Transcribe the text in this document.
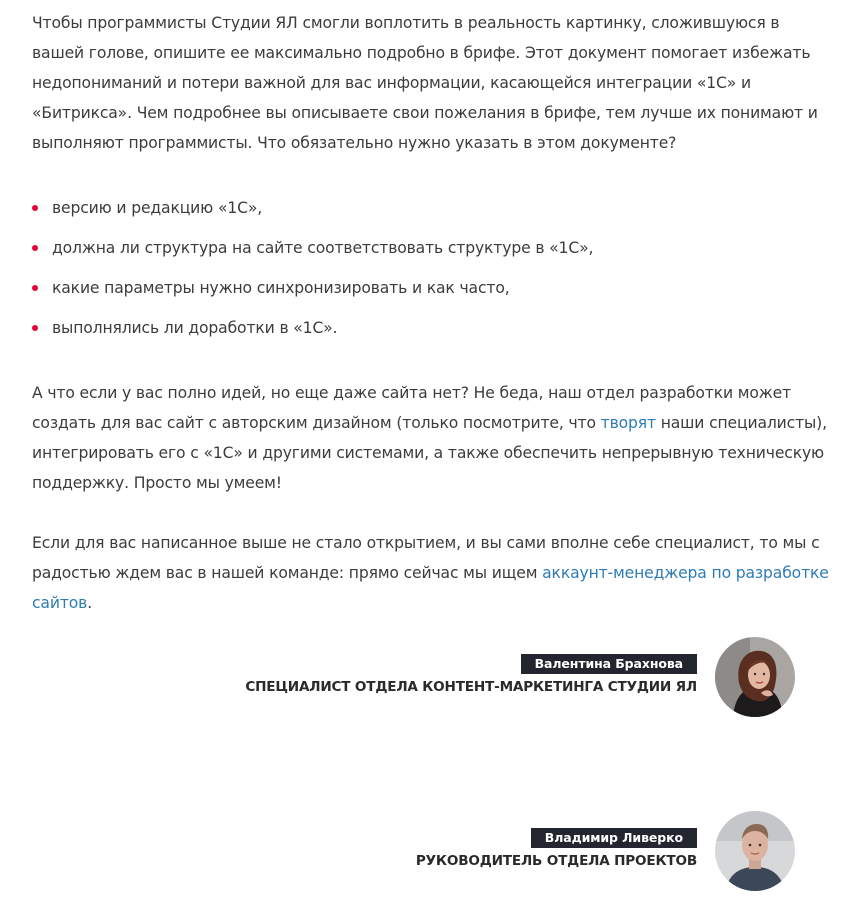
Чтобы программисты Студии ЯЛ смогли воплотить в реальность картинку, сложившуюся в вашей голове, опишите ее максимально подробно в брифе. Этот документ помогает избежать недопониманий и потери важной для вас информации, касающейся интеграции «1С» и «Битрикса». Чем подробнее вы описываете свои пожелания в брифе, тем лучше их понимают и выполняют программисты. Что обязательно нужно указать в этом документе?

версию и редакцию «1С»,
должна ли структура на сайте соответствовать структуре в «1С»,
какие параметры нужно синхронизировать и как часто,
выполнялись ли доработки в «1С».

А что если у вас полно идей, но еще даже сайта нет? Не беда, наш отдел разработки может создать для вас сайт с авторским дизайном (только посмотрите, что творят наши специалисты), интегрировать его с «1С» и другими системами, а также обеспечить непрерывную техническую поддержку. Просто мы умеем!

Если для вас написанное выше не стало открытием, и вы сами вполне себе специалист, то мы с радостью ждем вас в нашей команде: прямо сейчас мы ищем аккаунт-менеджера по разработке сайтов.

Валентина Брахнова
СПЕЦИАЛИСТ ОТДЕЛА КОНТЕНТ-МАРКЕТИНГА СТУДИИ ЯЛ
Владимир Ливерко
РУКОВОДИТЕЛЬ ОТДЕЛА ПРОЕКТОВ
